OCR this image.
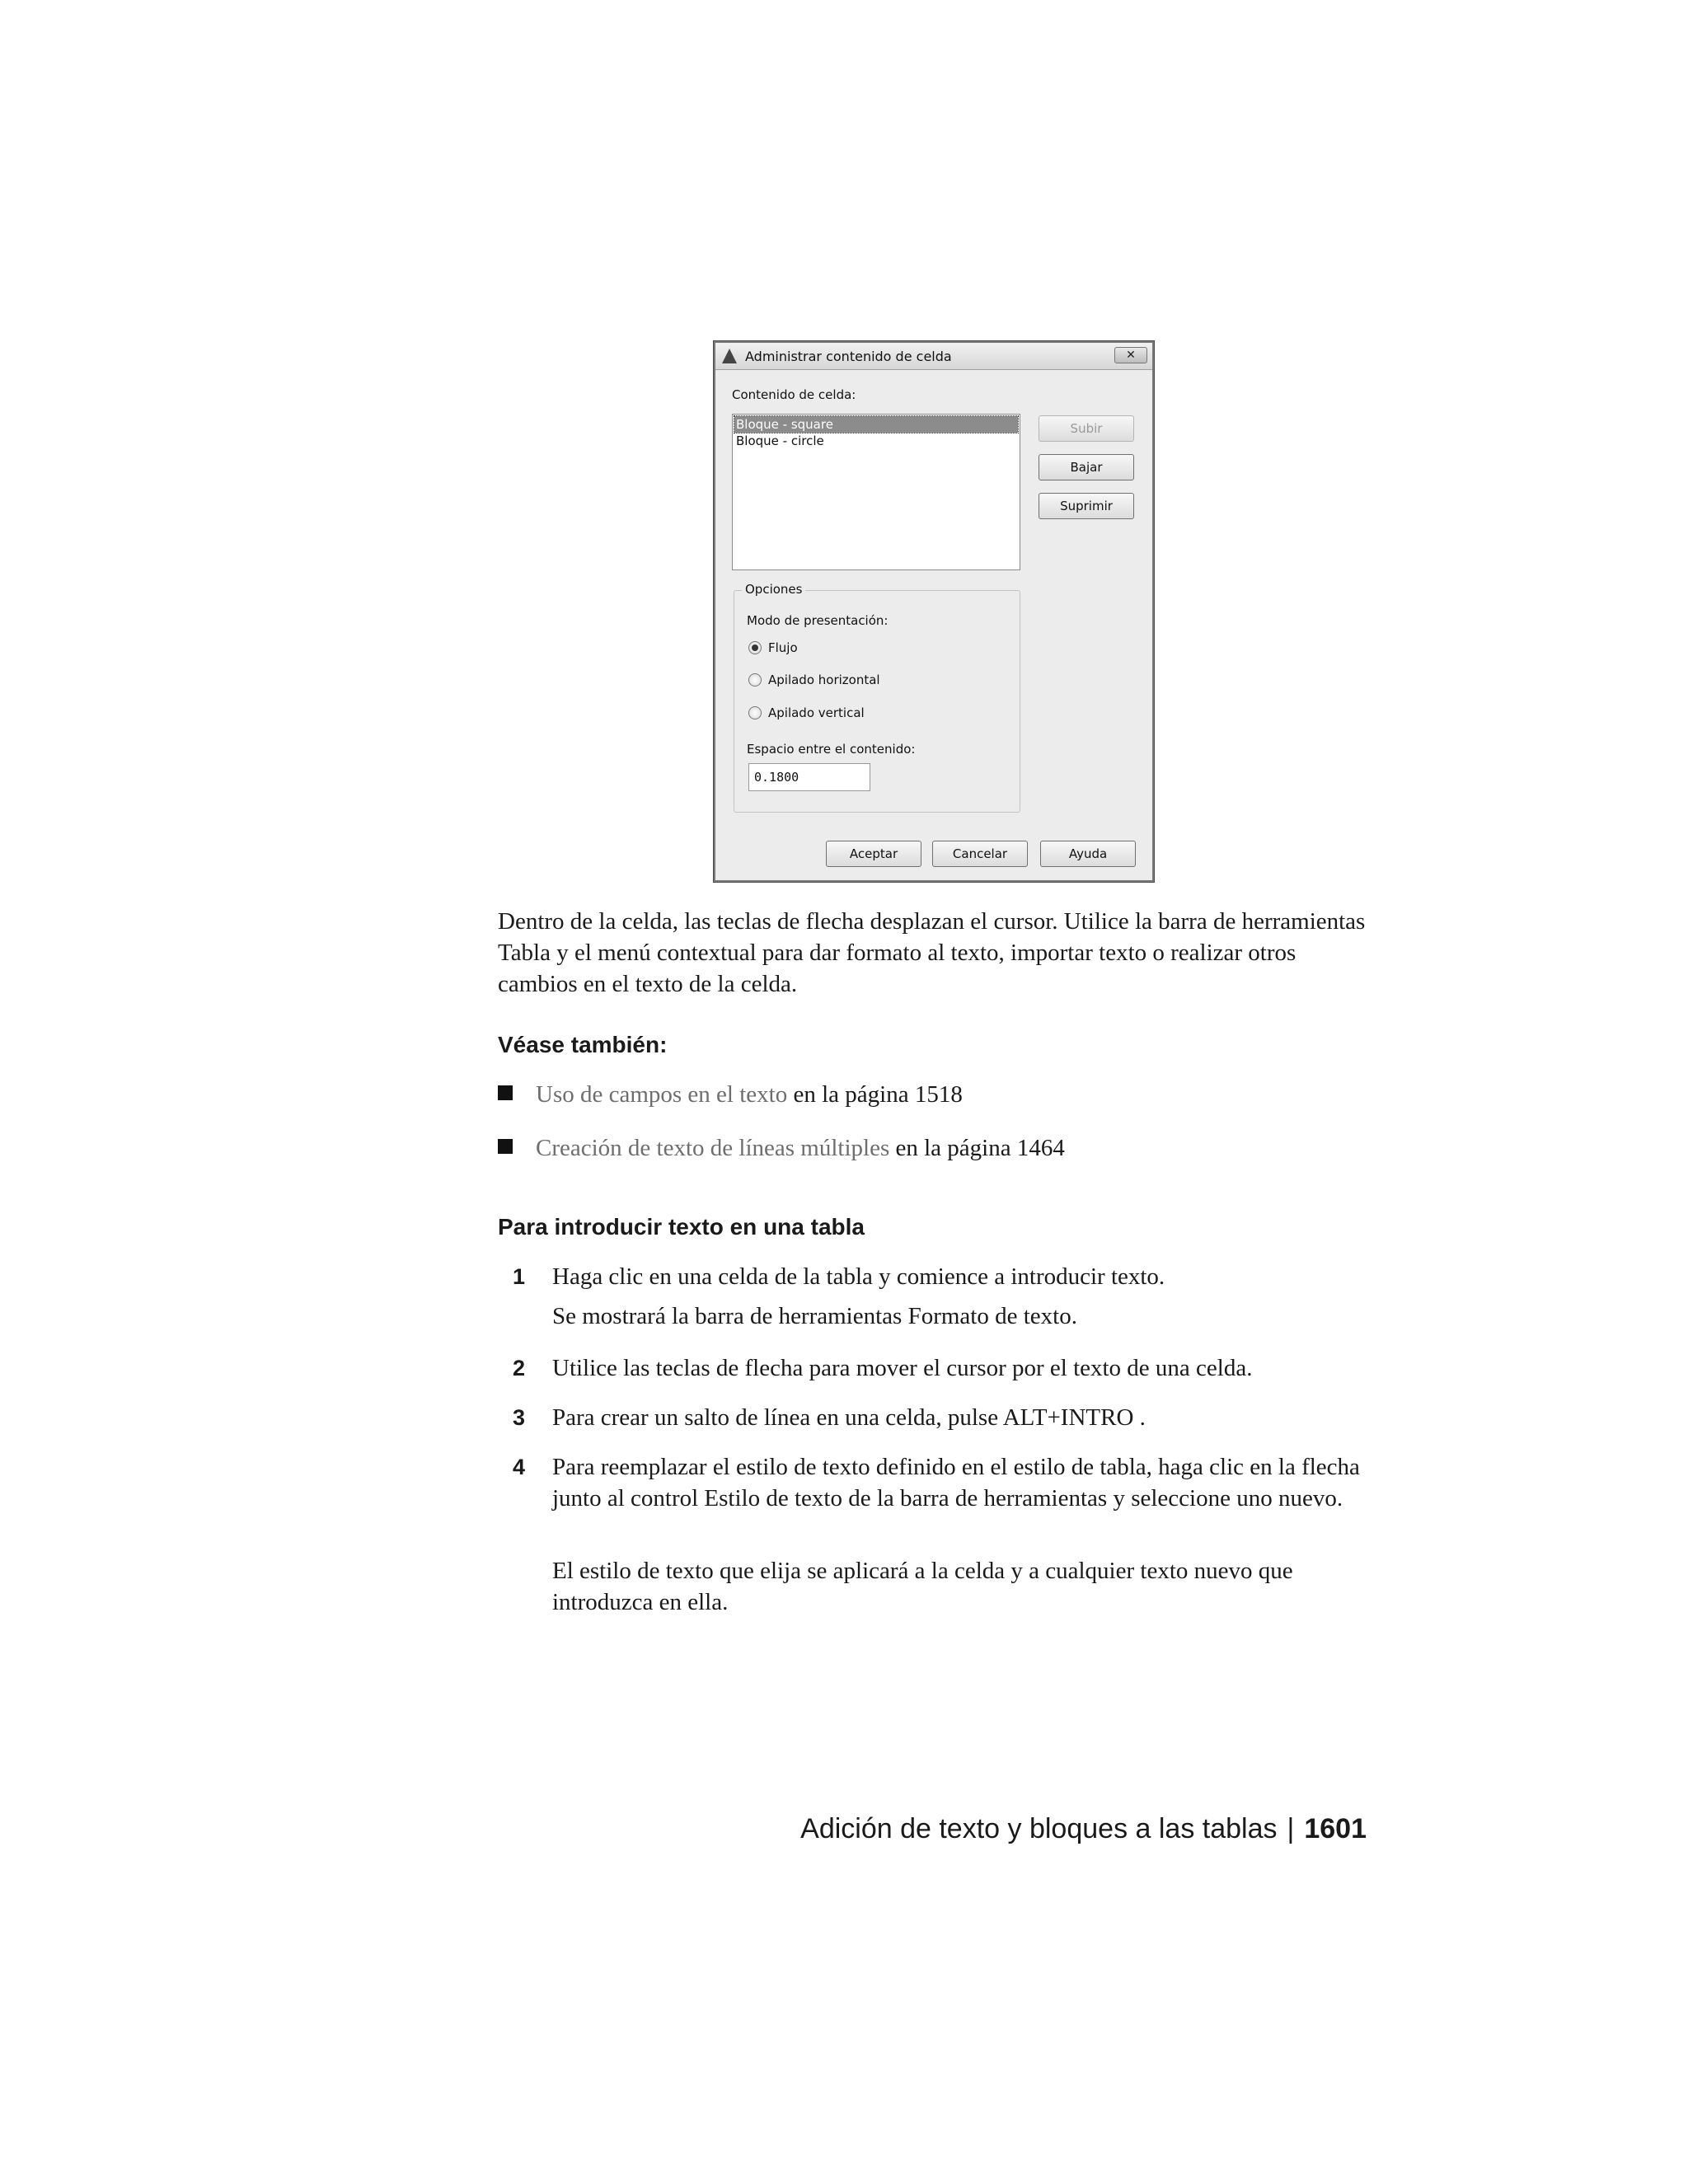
Administrar contenido de celda	✕
Contenido de celda:
Bloque - square
Bloque - circle
Subir
Bajar
Suprimir
Opciones
Modo de presentación:
Flujo
Apilado horizontal
Apilado vertical
Espacio entre el contenido:
0.1800
Aceptar	Cancelar	Ayuda
Dentro de la celda, las teclas de flecha desplazan el cursor. Utilice la barra de herramientas Tabla y el menú contextual para dar formato al texto, importar texto o realizar otros cambios en el texto de la celda.
Véase también:
Uso de campos en el texto en la página 1518
Creación de texto de líneas múltiples en la página 1464
Para introducir texto en una tabla
1 Haga clic en una celda de la tabla y comience a introducir texto.
Se mostrará la barra de herramientas Formato de texto.
2 Utilice las teclas de flecha para mover el cursor por el texto de una celda.
3 Para crear un salto de línea en una celda, pulse ALT+INTRO .
4 Para reemplazar el estilo de texto definido en el estilo de tabla, haga clic en la flecha junto al control Estilo de texto de la barra de herramientas y seleccione uno nuevo.
El estilo de texto que elija se aplicará a la celda y a cualquier texto nuevo que introduzca en ella.
Adición de texto y bloques a las tablas | 1601
